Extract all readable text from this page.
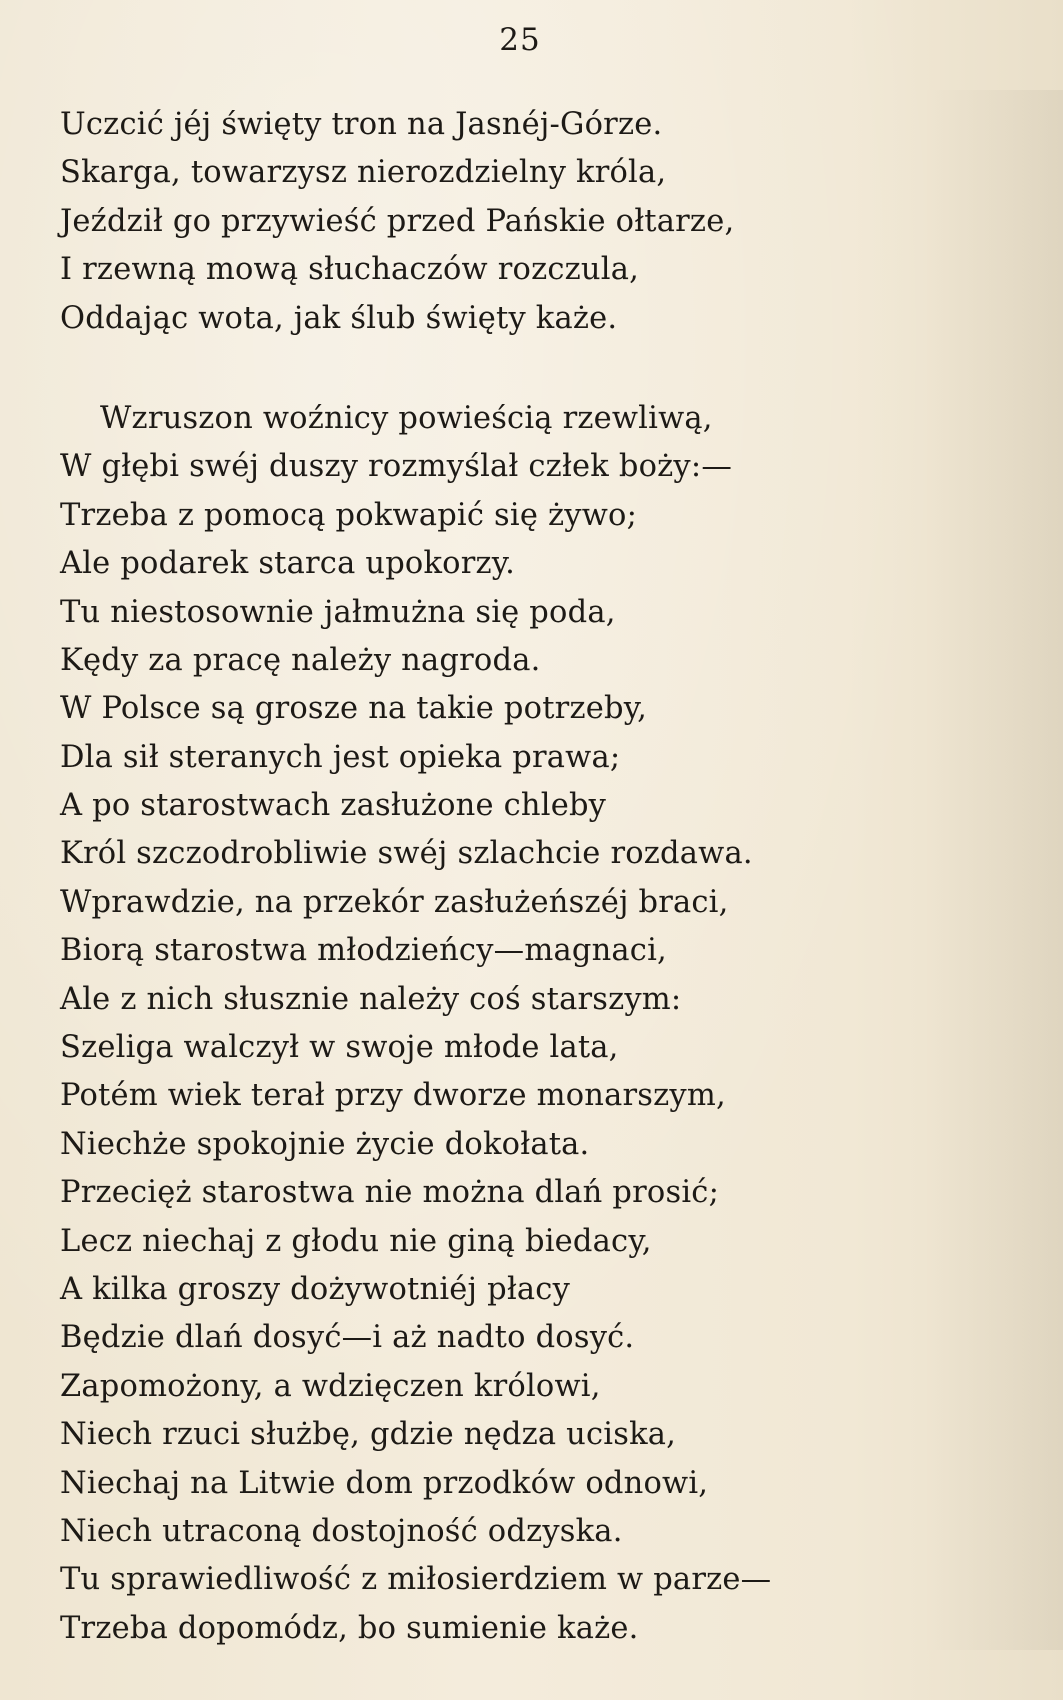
25
Uczcić jéj święty tron na Jasnéj-Górze.
Skarga, towarzysz nierozdzielny króla,
Jeździł go przywieść przed Pańskie ołtarze,
I rzewną mową słuchaczów rozczula,
Oddając wota, jak ślub święty każe.
Wzruszon woźnicy powieścią rzewliwą,
W głębi swéj duszy rozmyślał człek boży:—
Trzeba z pomocą pokwapić się żywo;
Ale podarek starca upokorzy.
Tu niestosownie jałmużna się poda,
Kędy za pracę należy nagroda.
W Polsce są grosze na takie potrzeby,
Dla sił steranych jest opieka prawa;
A po starostwach zasłużone chleby
Król szczodrobliwie swéj szlachcie rozdawa.
Wprawdzie, na przekór zasłużeńszéj braci,
Biorą starostwa młodzieńcy—magnaci,
Ale z nich słusznie należy coś starszym:
Szeliga walczył w swoje młode lata,
Potém wiek terał przy dworze monarszym,
Niechże spokojnie życie dokołata.
Przecięż starostwa nie można dlań prosić;
Lecz niechaj z głodu nie giną biedacy,
A kilka groszy dożywotniéj płacy
Będzie dlań dosyć—i aż nadto dosyć.
Zapomożony, a wdzięczen królowi,
Niech rzuci służbę, gdzie nędza uciska,
Niechaj na Litwie dom przodków odnowi,
Niech utraconą dostojność odzyska.
Tu sprawiedliwość z miłosierdziem w parze—
Trzeba dopomódz, bo sumienie każe.
